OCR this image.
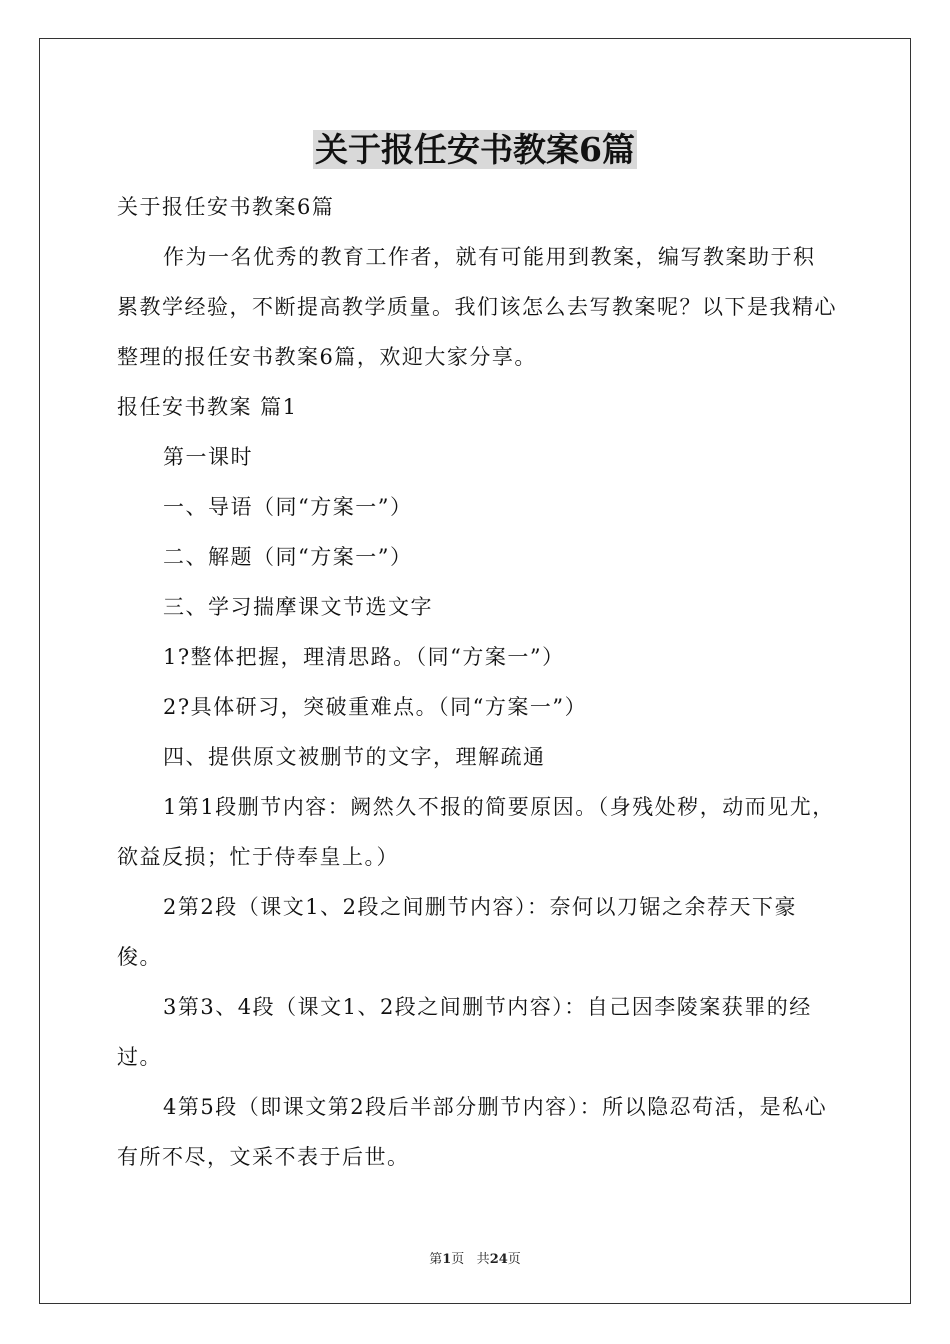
关于报任安书教案6篇

关于报任安书教案6篇

作为一名优秀的教育工作者，就有可能用到教案，编写教案助于积累教学经验，不断提高教学质量。我们该怎么去写教案呢？以下是我精心整理的报任安书教案6篇，欢迎大家分享。

报任安书教案 篇1

第一课时

一、导语（同“方案一”）

二、解题（同“方案一”）

三、学习揣摩课文节选文字

1?整体把握，理清思路。（同“方案一”）

2?具体研习，突破重难点。（同“方案一”）

四、提供原文被删节的文字，理解疏通

1第1段删节内容：阙然久不报的简要原因。（身残处秽，动而见尤，欲益反损；忙于侍奉皇上。）

2第2段（课文1、2段之间删节内容）：奈何以刀锯之余荐天下豪俊。

3第3、4段（课文1、2段之间删节内容）：自己因李陵案获罪的经过。

4第5段（即课文第2段后半部分删节内容）：所以隐忍苟活，是私心有所不尽，文采不表于后世。

第1页 共24页
